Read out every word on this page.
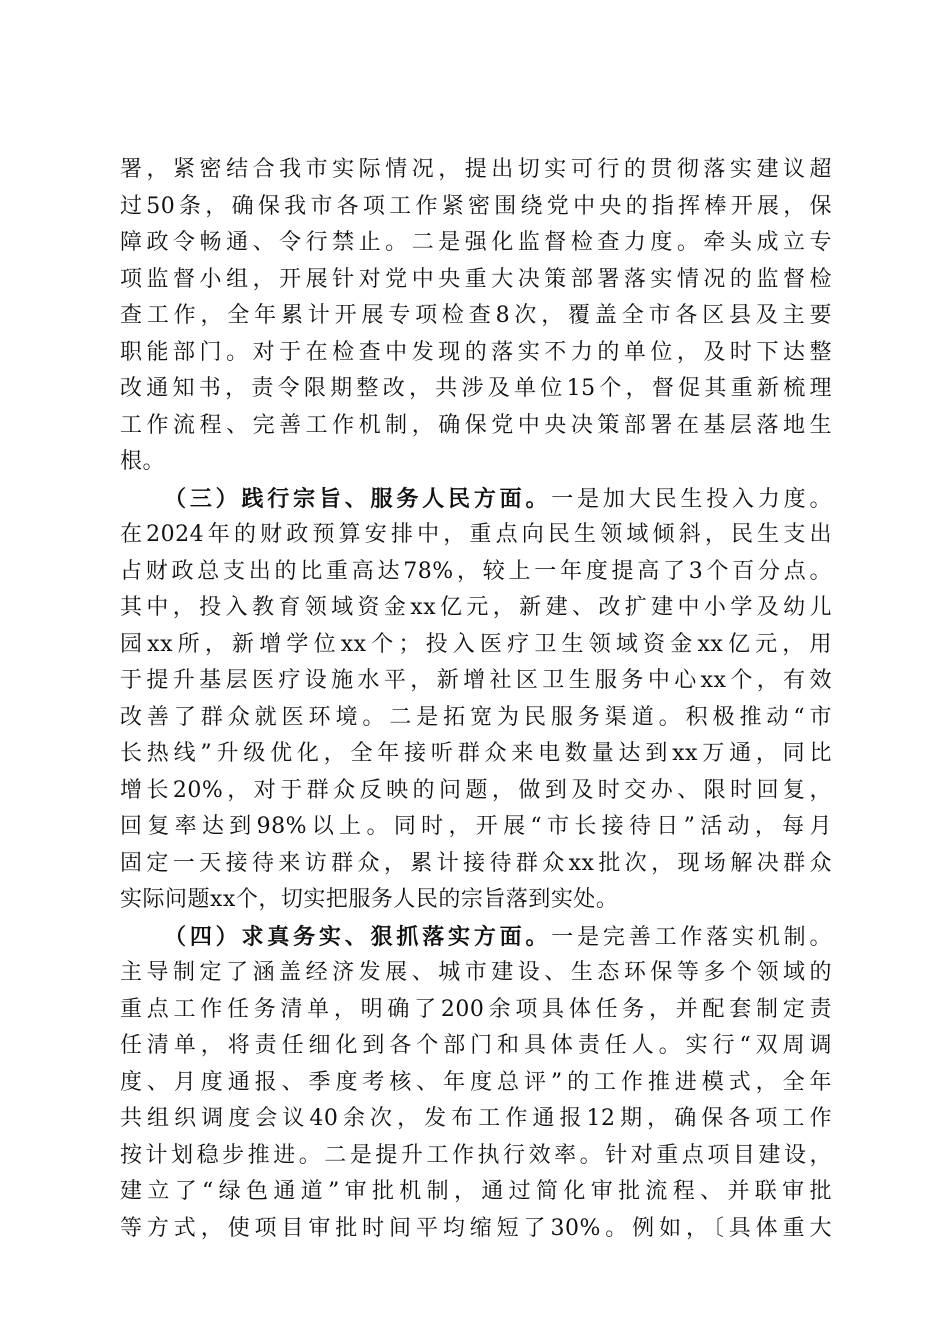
署，紧密结合我市实际情况，提出切实可行的贯彻落实建议超
过50条，确保我市各项工作紧密围绕党中央的指挥棒开展，保
障政令畅通、令行禁止。二是强化监督检查力度。牵头成立专
项监督小组，开展针对党中央重大决策部署落实情况的监督检
查工作，全年累计开展专项检查8次，覆盖全市各区县及主要
职能部门。对于在检查中发现的落实不力的单位，及时下达整
改通知书，责令限期整改，共涉及单位15个，督促其重新梳理
工作流程、完善工作机制，确保党中央决策部署在基层落地生
根。
（三）践行宗旨、服务人民方面。一是加大民生投入力度。
在2024年的财政预算安排中，重点向民生领域倾斜，民生支出
占财政总支出的比重高达78%，较上一年度提高了3个百分点。
其中，投入教育领域资金xx亿元，新建、改扩建中小学及幼儿
园xx所，新增学位xx个；投入医疗卫生领域资金xx亿元，用
于提升基层医疗设施水平，新增社区卫生服务中心xx个，有效
改善了群众就医环境。二是拓宽为民服务渠道。积极推动“市
长热线”升级优化，全年接听群众来电数量达到xx万通，同比
增长20%，对于群众反映的问题，做到及时交办、限时回复，
回复率达到98%以上。同时，开展“市长接待日”活动，每月
固定一天接待来访群众，累计接待群众xx批次，现场解决群众
实际问题xx个，切实把服务人民的宗旨落到实处。
（四）求真务实、狠抓落实方面。一是完善工作落实机制。
主导制定了涵盖经济发展、城市建设、生态环保等多个领域的
重点工作任务清单，明确了200余项具体任务，并配套制定责
任清单，将责任细化到各个部门和具体责任人。实行“双周调
度、月度通报、季度考核、年度总评”的工作推进模式，全年
共组织调度会议40余次，发布工作通报12期，确保各项工作
按计划稳步推进。二是提升工作执行效率。针对重点项目建设，
建立了“绿色通道”审批机制，通过简化审批流程、并联审批
等方式，使项目审批时间平均缩短了30%。例如，〔具体重大
